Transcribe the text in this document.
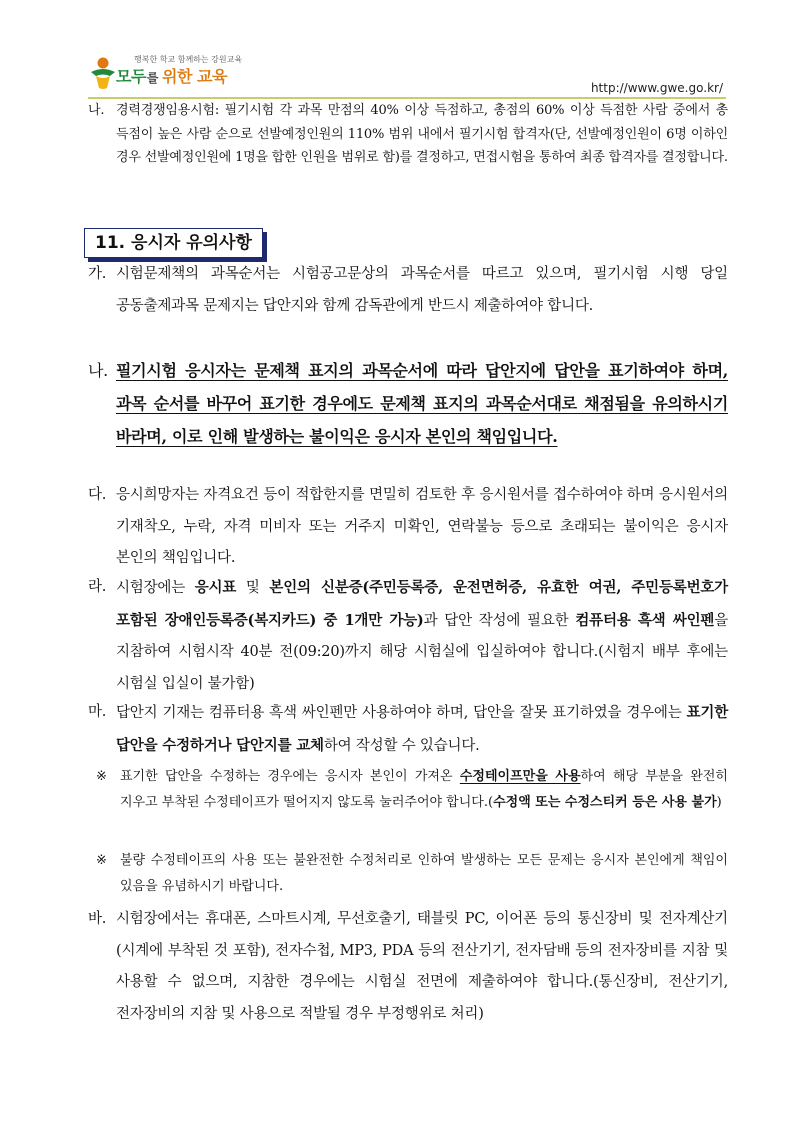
행복한 학교 함께하는 강원교육
모두를 위한 교육
http://www.gwe.go.kr/
나. 경력경쟁임용시험: 필기시험 각 과목 만점의 40% 이상 득점하고, 총점의 60% 이상 득점한 사람 중에서 총 득점이 높은 사람 순으로 선발예정인원의 110% 범위 내에서 필기시험 합격자(단, 선발예정인원이 6명 이하인 경우 선발예정인원에 1명을 합한 인원을 범위로 함)를 결정하고, 면접시험을 통하여 최종 합격자를 결정합니다.
11. 응시자 유의사항
가. 시험문제책의 과목순서는 시험공고문상의 과목순서를 따르고 있으며, 필기시험 시행 당일 공동출제과목 문제지는 답안지와 함께 감독관에게 반드시 제출하여야 합니다.
나. 필기시험 응시자는 문제책 표지의 과목순서에 따라 답안지에 답안을 표기하여야 하며, 과목 순서를 바꾸어 표기한 경우에도 문제책 표지의 과목순서대로 채점됨을 유의하시기 바라며, 이로 인해 발생하는 불이익은 응시자 본인의 책임입니다.
다. 응시희망자는 자격요건 등이 적합한지를 면밀히 검토한 후 응시원서를 접수하여야 하며 응시원서의 기재착오, 누락, 자격 미비자 또는 거주지 미확인, 연락불능 등으로 초래되는 불이익은 응시자 본인의 책임입니다.
라. 시험장에는 응시표 및 본인의 신분증(주민등록증, 운전면허증, 유효한 여권, 주민등록번호가 포함된 장애인등록증(복지카드) 중 1개만 가능)과 답안 작성에 필요한 컴퓨터용 흑색 싸인펜을 지참하여 시험시작 40분 전(09:20)까지 해당 시험실에 입실하여야 합니다.(시험지 배부 후에는 시험실 입실이 불가함)
마. 답안지 기재는 컴퓨터용 흑색 싸인펜만 사용하여야 하며, 답안을 잘못 표기하였을 경우에는 표기한 답안을 수정하거나 답안지를 교체하여 작성할 수 있습니다.
※ 표기한 답안을 수정하는 경우에는 응시자 본인이 가져온 수정테이프만을 사용하여 해당 부분을 완전히 지우고 부착된 수정테이프가 떨어지지 않도록 눌러주어야 합니다.(수정액 또는 수정스티커 등은 사용 불가)
※ 불량 수정테이프의 사용 또는 불완전한 수정처리로 인하여 발생하는 모든 문제는 응시자 본인에게 책임이 있음을 유념하시기 바랍니다.
바. 시험장에서는 휴대폰, 스마트시계, 무선호출기, 태블릿 PC, 이어폰 등의 통신장비 및 전자계산기(시계에 부착된 것 포함), 전자수첩, MP3, PDA 등의 전산기기, 전자담배 등의 전자장비를 지참 및 사용할 수 없으며, 지참한 경우에는 시험실 전면에 제출하여야 합니다.(통신장비, 전산기기, 전자장비의 지참 및 사용으로 적발될 경우 부정행위로 처리)
